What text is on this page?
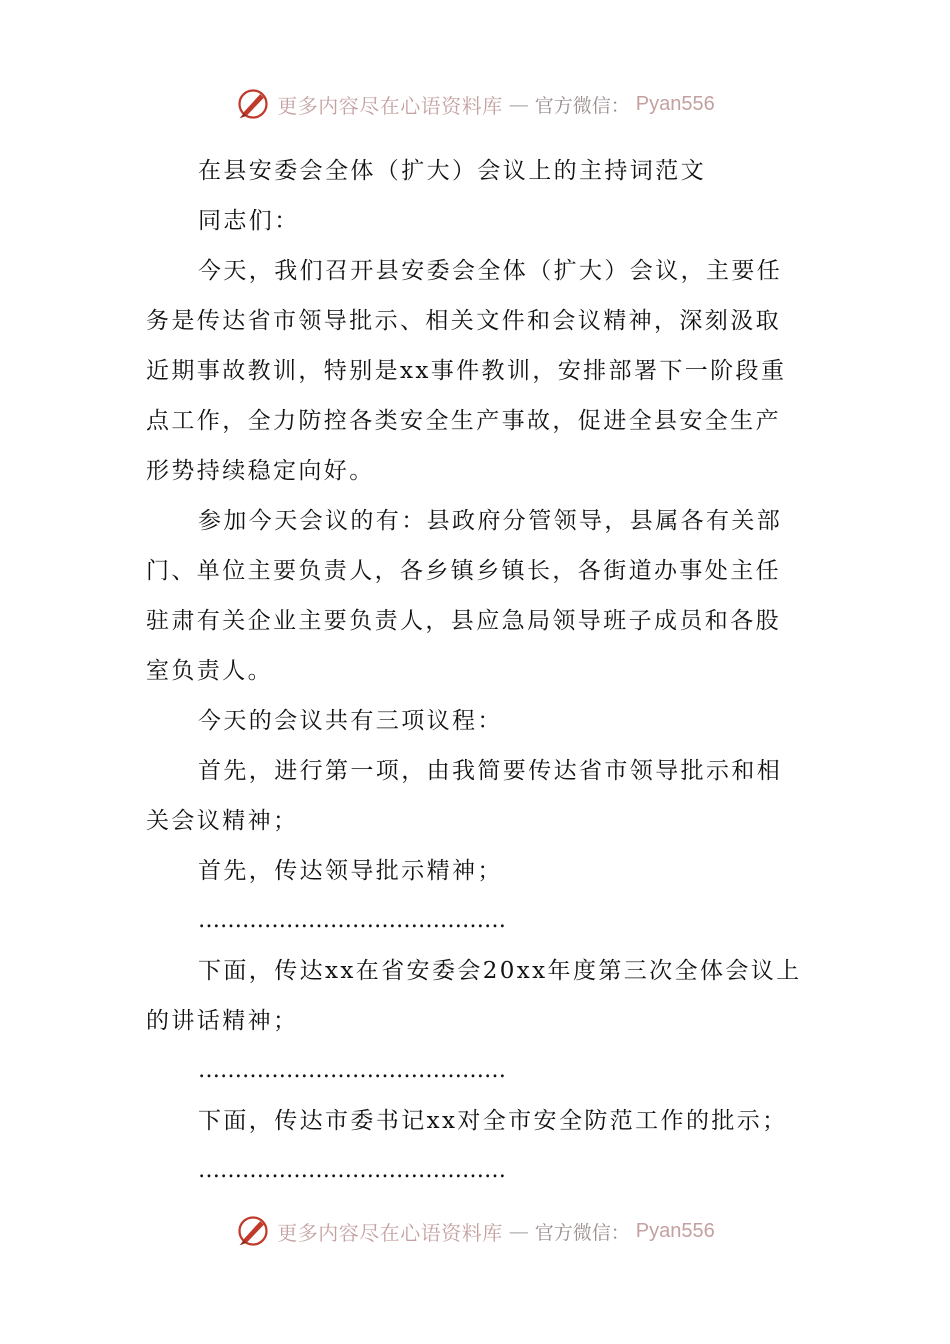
更多内容尽在心语资料库 — 官方微信： Pyan556
在县安委会全体（扩大）会议上的主持词范文
同志们：
今天，我们召开县安委会全体（扩大）会议，主要任
务是传达省市领导批示、相关文件和会议精神，深刻汲取
近期事故教训，特别是xx事件教训，安排部署下一阶段重
点工作，全力防控各类安全生产事故，促进全县安全生产
形势持续稳定向好。
参加今天会议的有：县政府分管领导，县属各有关部
门、单位主要负责人，各乡镇乡镇长，各街道办事处主任
驻肃有关企业主要负责人，县应急局领导班子成员和各股
室负责人。
今天的会议共有三项议程：
首先，进行第一项，由我简要传达省市领导批示和相
关会议精神；
首先，传达领导批示精神；
……………………………………
下面，传达xx在省安委会20xx年度第三次全体会议上
的讲话精神；
……………………………………
下面，传达市委书记xx对全市安全防范工作的批示；
……………………………………
更多内容尽在心语资料库 — 官方微信： Pyan556
